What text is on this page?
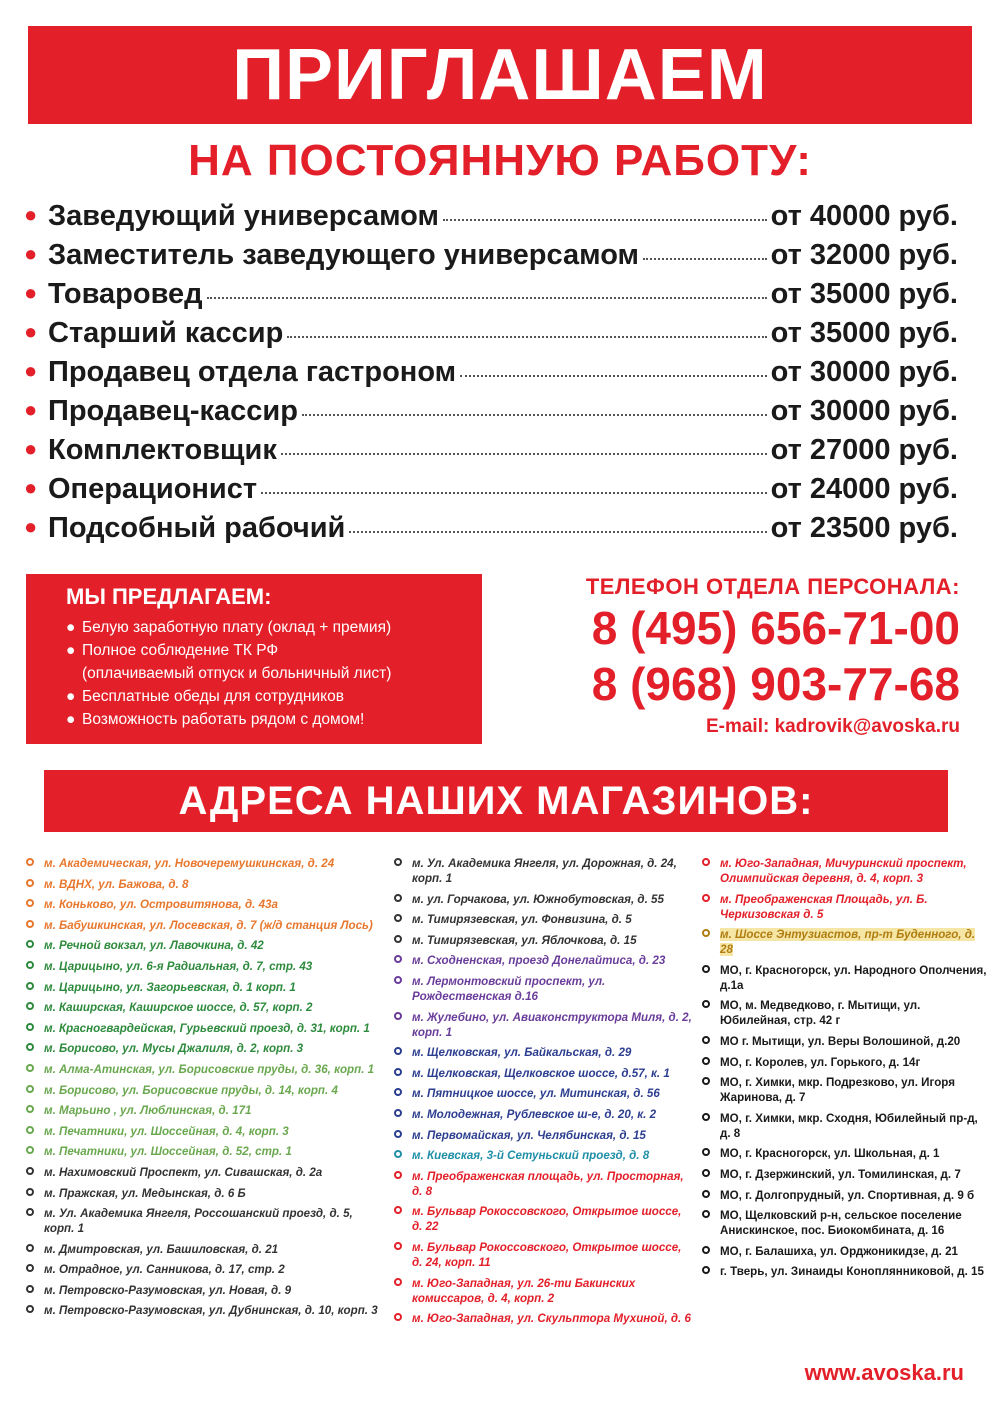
ПРИГЛАШАЕМ
НА ПОСТОЯННУЮ РАБОТУ:
● Заведующий универсамом	от 40000 руб.
● Заместитель заведующего универсамом	от 32000 руб.
● Товаровед	от 35000 руб.
● Старший кассир	от 35000 руб.
● Продавец отдела гастроном	от 30000 руб.
● Продавец-кассир	от 30000 руб.
● Комплектовщик	от 27000 руб.
● Операционист	от 24000 руб.
● Подсобный рабочий	от 23500 руб.
МЫ ПРЕДЛАГАЕМ:
● Белую заработную плату (оклад + премия)
● Полное соблюдение ТК РФ
(оплачиваемый отпуск и больничный лист)
● Бесплатные обеды для сотрудников
● Возможность работать рядом с домом!
ТЕЛЕФОН ОТДЕЛА ПЕРСОНАЛА:
8 (495) 656-71-00
8 (968) 903-77-68
E-mail: kadrovik@avoska.ru
АДРЕСА НАШИХ МАГАЗИНОВ:
м. Академическая, ул. Новочеремушкинская, д. 24
м. ВДНХ, ул. Бажова, д. 8
м. Коньково, ул. Островитянова, д. 43а
м. Бабушкинская, ул. Лосевская, д. 7 (ж/д станция Лось)
м. Речной вокзал, ул. Лавочкина, д. 42
м. Царицыно, ул. 6-я Радиальная, д. 7, стр. 43
м. Царицыно, ул. Загорьевская, д. 1 корп. 1
м. Каширская, Каширское шоссе, д. 57, корп. 2
м. Красногвардейская, Гурьевский проезд, д. 31, корп. 1
м. Борисово, ул. Мусы Джалиля, д. 2, корп. 3
м. Алма-Атинская, ул. Борисовские пруды, д. 36, корп. 1
м. Борисово, ул. Борисовские пруды, д. 14, корп. 4
м. Марьино , ул. Люблинская, д. 171
м. Печатники, ул. Шоссейная, д. 4, корп. 3
м. Печатники, ул. Шоссейная, д. 52, стр. 1
м. Нахимовский Проспект, ул. Сивашская, д. 2а
м. Пражская, ул. Медынская, д. 6 Б
м. Ул. Академика Янгеля, Россошанский проезд, д. 5, корп. 1
м. Дмитровская, ул. Башиловская, д. 21
м. Отрадное, ул. Санникова, д. 17, стр. 2
м. Петровско-Разумовская, ул. Новая, д. 9
м. Петровско-Разумовская, ул. Дубнинская, д. 10, корп. 3
м. Ул. Академика Янгеля, ул. Дорожная, д. 24, корп. 1
м. ул. Горчакова, ул. Южнобутовская, д. 55
м. Тимирязевская, ул. Фонвизина, д. 5
м. Тимирязевская, ул. Яблочкова, д. 15
м. Сходненская, проезд Донелайтиса, д. 23
м. Лермонтовский проспект, ул. Рождественская д.16
м. Жулебино, ул. Авиаконструктора Миля, д. 2, корп. 1
м. Щелковская, ул. Байкальская, д. 29
м. Щелковская, Щелковское шоссе, д.57, к. 1
м. Пятницкое шоссе, ул. Митинская, д. 56
м. Молодежная, Рублевское ш-е, д. 20, к. 2
м. Первомайская, ул. Челябинская, д. 15
м. Киевская, 3-й Сетуньский проезд, д. 8
м. Преображенская площадь, ул. Просторная, д. 8
м. Бульвар Рокоссовского, Открытое шоссе, д. 22
м. Бульвар Рокоссовского, Открытое шоссе, д. 24, корп. 11
м. Юго-Западная, ул. 26-ти Бакинских комиссаров, д. 4, корп. 2
м. Юго-Западная, ул. Скульптора Мухиной, д. 6
м. Юго-Западная, Мичуринский проспект, Олимпийская деревня, д. 4, корп. 3
м. Преображенская Площадь, ул. Б. Черкизовская д. 5
м. Шоссе Энтузиастов, пр-т Буденного, д. 28
МО, г. Красногорск, ул. Народного Ополчения, д.1а
МО, м. Медведково, г. Мытищи, ул. Юбилейная, стр. 42 г
МО г. Мытищи, ул. Веры Волошиной, д.20
МО, г. Королев, ул. Горького, д. 14г
МО, г. Химки, мкр. Подрезково, ул. Игоря Жаринова, д. 7
МО, г. Химки, мкр. Сходня, Юбилейный пр-д, д. 8
МО, г. Красногорск, ул. Школьная, д. 1
МО, г. Дзержинский, ул. Томилинская, д. 7
МО, г. Долгопрудный, ул. Спортивная, д. 9 б
МО, Щелковский р-н, сельское поселение Анискинское, пос. Биокомбината, д. 16
МО, г. Балашиха, ул. Орджоникидзе, д. 21
г. Тверь, ул. Зинаиды Коноплянниковой, д. 15
www.avoska.ru
